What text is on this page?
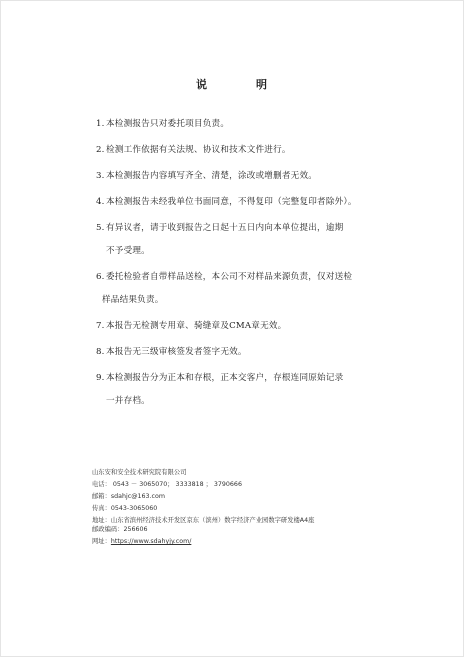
说	明
1. 本检测报告只对委托项目负责。
2. 检测工作依据有关法规、协议和技术文件进行。
3. 本检测报告内容填写齐全、清楚，涂改或增删者无效。
4. 本检测报告未经我单位书面同意，不得复印（完整复印者除外）。
5. 有异议者，请于收到报告之日起十五日内向本单位提出，逾期
不予受理。
6. 委托检验者自带样品送检，本公司不对样品来源负责，仅对送检
样品结果负责。
7. 本报告无检测专用章、骑缝章及CMA章无效。
8. 本报告无三级审核签发者签字无效。
9. 本检测报告分为正本和存根，正本交客户，存根连同原始记录
一并存档。
山东安和安全技术研究院有限公司
电话： 0543 － 3065070； 3333818 ； 3790666
邮箱：sdahjc@163.com
传真：0543-3065060
地址：山东省滨州经济技术开发区京东（滨州）数字经济产业园数字研发楼A4座
邮政编码：256606
网址：https://www.sdahyjy.com/
